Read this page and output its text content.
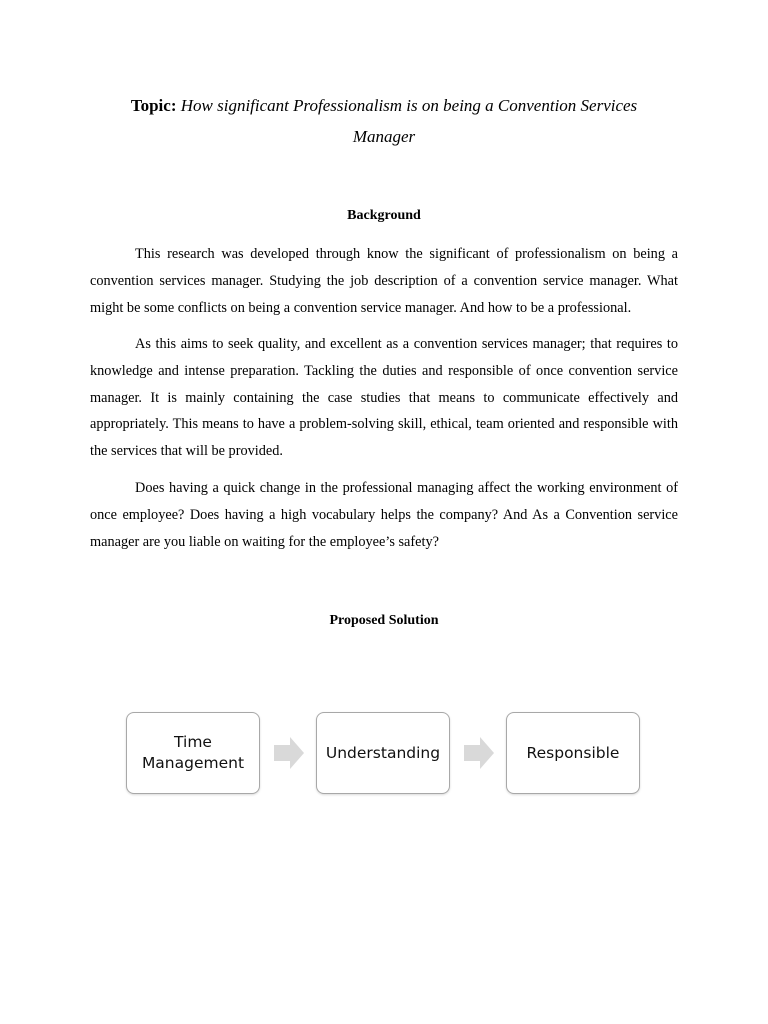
Topic: How significant Professionalism is on being a Convention Services
Manager
Background

This research was developed through know the significant of professionalism on being a convention services manager. Studying the job description of a convention service manager. What might be some conflicts on being a convention service manager. And how to be a professional.

As this aims to seek quality, and excellent as a convention services manager; that requires to knowledge and intense preparation. Tackling the duties and responsible of once convention service manager. It is mainly containing the case studies that means to communicate effectively and appropriately. This means to have a problem-solving skill, ethical, team oriented and responsible with the services that will be provided.

Does having a quick change in the professional managing affect the working environment of once employee? Does having a high vocabulary helps the company? And As a Convention service manager are you liable on waiting for the employee’s safety?

Proposed Solution
Time
Management
Understanding	Responsible
